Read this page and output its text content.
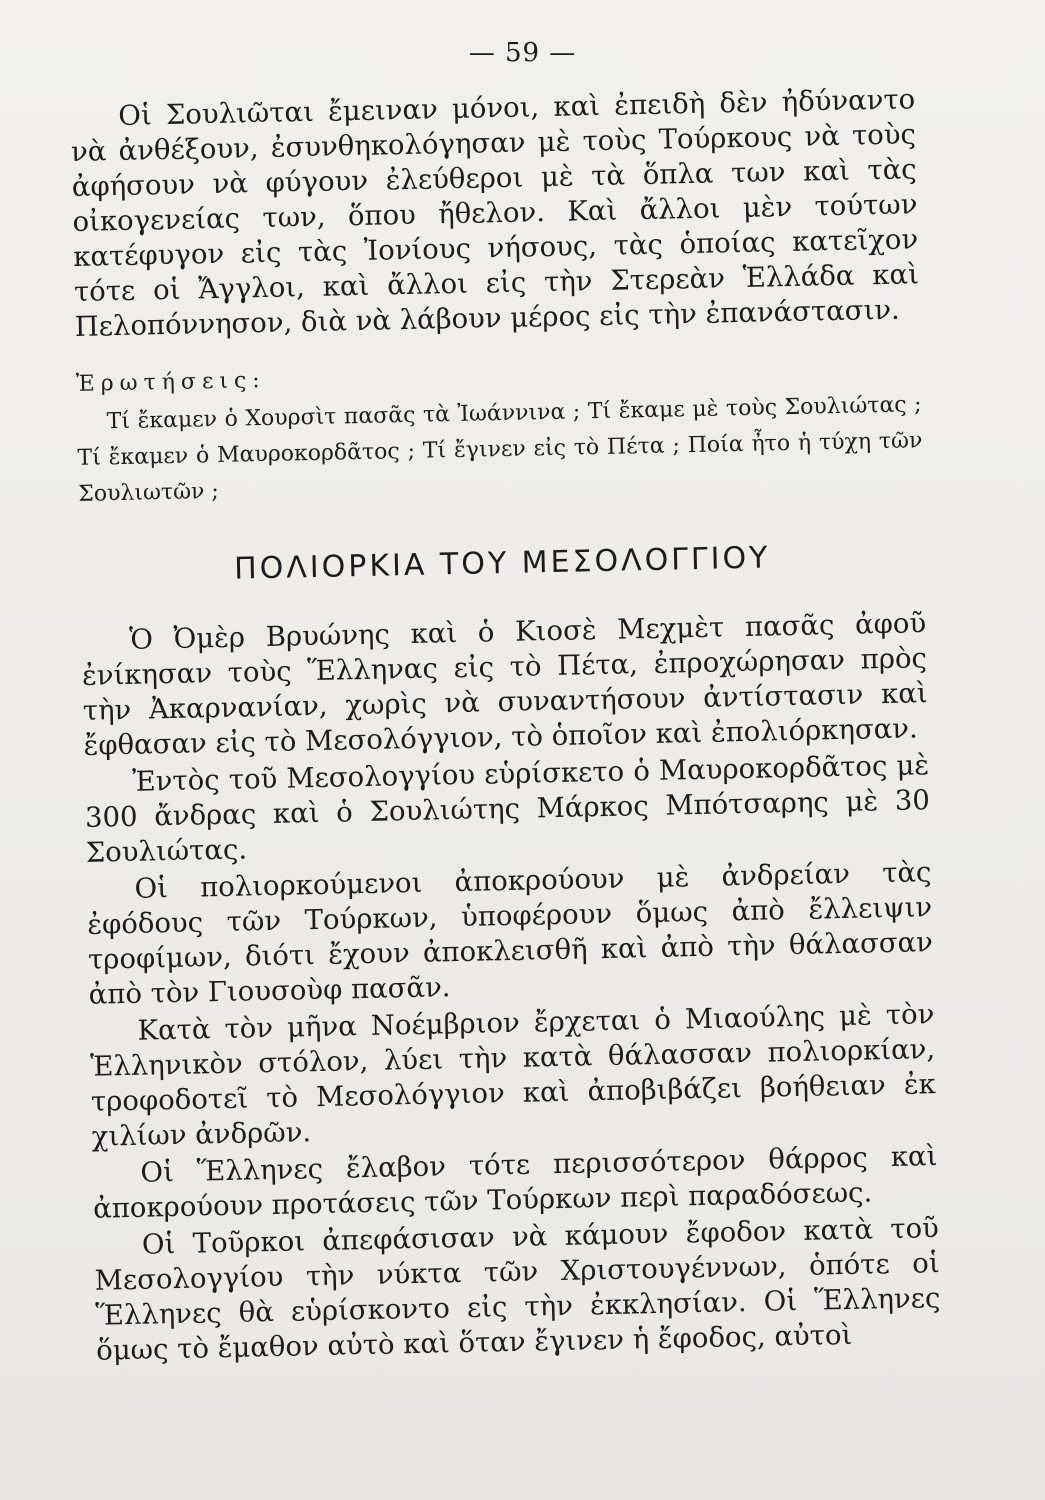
— 59 —

Οἱ Σουλιῶται ἔμειναν μόνοι, καὶ ἐπειδὴ δὲν ἠδύναντο νὰ ἀνθέξουν, ἐσυνθηκολόγησαν μὲ τοὺς Τούρκους νὰ τοὺς ἀφήσουν νὰ φύγουν ἐλεύθεροι μὲ τὰ ὅπλα των καὶ τὰς οἰκογενείας των, ὅπου ἤθελον. Καὶ ἄλλοι μὲν τούτων κατέφυγον εἰς τὰς Ἰονίους νήσους, τὰς ὁποίας κατεῖχον τότε οἱ Ἄγγλοι, καὶ ἄλλοι εἰς τὴν Στερεὰν Ἑλλάδα καὶ Πελοπόννησον, διὰ νὰ λάβουν μέρος εἰς τὴν ἐπανάστασιν.

Ἐρωτήσεις:

Τί ἔκαμεν ὁ Χουρσὶτ πασᾶς τὰ Ἰωάννινα ; Τί ἔκαμε μὲ τοὺς Σουλιώτας ; Τί ἔκαμεν ὁ Μαυροκορδᾶτος ; Τί ἔγινεν εἰς τὸ Πέτα ; Ποία ἦτο ἡ τύχη τῶν Σουλιωτῶν ;

ΠΟΛΙΟΡΚΙΑ ΤΟΥ ΜΕΣΟΛΟΓΓΙΟΥ

Ὁ Ὀμὲρ Βρυώνης καὶ ὁ Κιοσὲ Μεχμὲτ πασᾶς ἀφοῦ ἐνίκησαν τοὺς Ἕλληνας εἰς τὸ Πέτα, ἐπροχώρησαν πρὸς τὴν Ἀκαρνανίαν, χωρὶς νὰ συναντήσουν ἀντίστασιν καὶ ἔφθασαν εἰς τὸ Μεσολόγγιον, τὸ ὁποῖον καὶ ἐπολιόρκησαν.

Ἐντὸς τοῦ Μεσολογγίου εὑρίσκετο ὁ Μαυροκορδᾶτος μὲ 300 ἄνδρας καὶ ὁ Σουλιώτης Μάρκος Μπότσαρης μὲ 30 Σουλιώτας.

Οἱ πολιορκούμενοι ἀποκρούουν μὲ ἀνδρείαν τὰς ἐφόδους τῶν Τούρκων, ὑποφέρουν ὅμως ἀπὸ ἔλλειψιν τροφίμων, διότι ἔχουν ἀποκλεισθῆ καὶ ἀπὸ τὴν θάλασσαν ἀπὸ τὸν Γιουσοὺφ πασᾶν.

Κατὰ τὸν μῆνα Νοέμβριον ἔρχεται ὁ Μιαούλης μὲ τὸν Ἑλληνικὸν στόλον, λύει τὴν κατὰ θάλασσαν πολιορκίαν, τροφοδοτεῖ τὸ Μεσολόγγιον καὶ ἀποβιβάζει βοήθειαν ἐκ χιλίων ἀνδρῶν.

Οἱ Ἕλληνες ἔλαβον τότε περισσότερον θάρρος καὶ ἀποκρούουν προτάσεις τῶν Τούρκων περὶ παραδόσεως.

Οἱ Τοῦρκοι ἀπεφάσισαν νὰ κάμουν ἔφοδον κατὰ τοῦ Μεσολογγίου τὴν νύκτα τῶν Χριστουγέννων, ὁπότε οἱ Ἕλληνες θὰ εὑρίσκοντο εἰς τὴν ἐκκλησίαν. Οἱ Ἕλληνες ὅμως τὸ ἔμαθον αὐτὸ καὶ ὅταν ἔγινεν ἡ ἔφοδος, αὐτοὶ
